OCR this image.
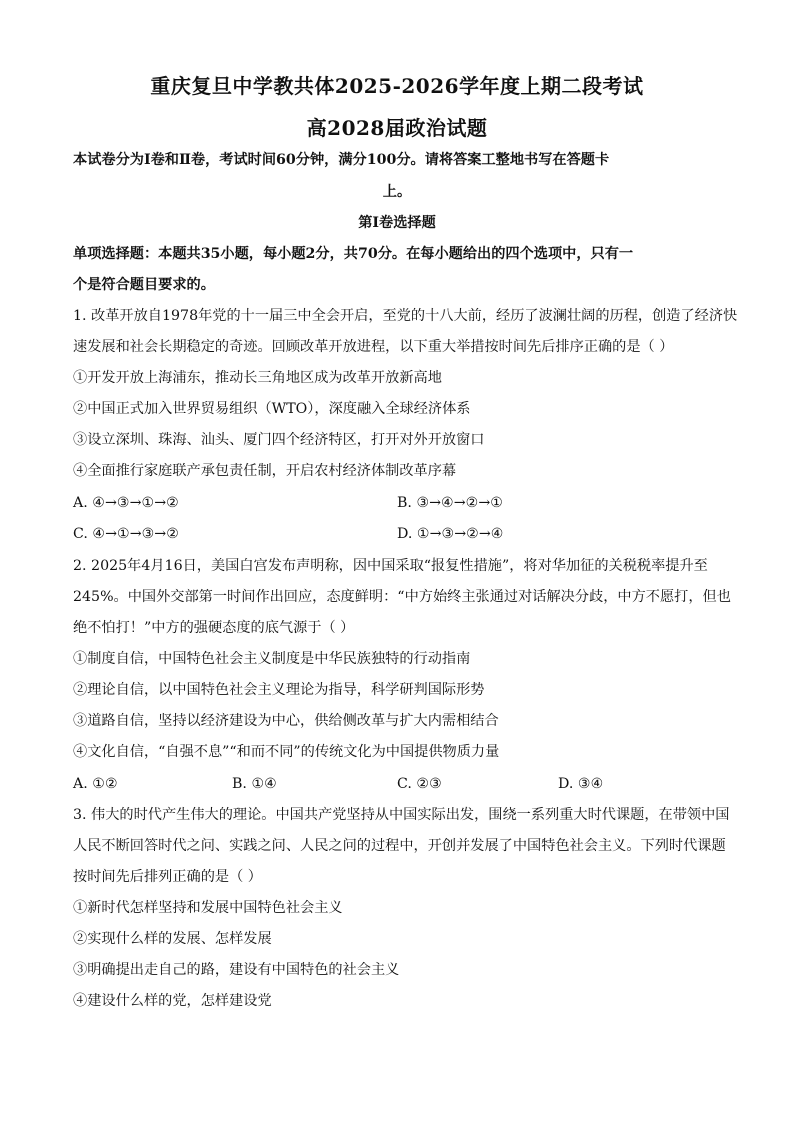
重庆复旦中学教共体2025-2026学年度上期二段考试
高2028届政治试题
本试卷分为Ⅰ卷和Ⅱ卷，考试时间60分钟，满分100分。请将答案工整地书写在答题卡
上。
第Ⅰ卷选择题
单项选择题：本题共35小题，每小题2分，共70分。在每小题给出的四个选项中，只有一
个是符合题目要求的。
1. 改革开放自1978年党的十一届三中全会开启，至党的十八大前，经历了波澜壮阔的历程，创造了经济快
速发展和社会长期稳定的奇迹。回顾改革开放进程，以下重大举措按时间先后排序正确的是（ ）
①开发开放上海浦东，推动长三角地区成为改革开放新高地
②中国正式加入世界贸易组织（WTO），深度融入全球经济体系
③设立深圳、珠海、汕头、厦门四个经济特区，打开对外开放窗口
④全面推行家庭联产承包责任制，开启农村经济体制改革序幕
A. ④→③→①→②	B. ③→④→②→①
C. ④→①→③→②	D. ①→③→②→④
2. 2025年4月16日，美国白宫发布声明称，因中国采取“报复性措施”，将对华加征的关税税率提升至
245%。中国外交部第一时间作出回应，态度鲜明：“中方始终主张通过对话解决分歧，中方不愿打，但也
绝不怕打！”中方的强硬态度的底气源于（ ）
①制度自信，中国特色社会主义制度是中华民族独特的行动指南
②理论自信，以中国特色社会主义理论为指导，科学研判国际形势
③道路自信，坚持以经济建设为中心，供给侧改革与扩大内需相结合
④文化自信，“自强不息”“和而不同”的传统文化为中国提供物质力量
A. ①②	B. ①④	C. ②③	D. ③④
3. 伟大的时代产生伟大的理论。中国共产党坚持从中国实际出发，围绕一系列重大时代课题，在带领中国
人民不断回答时代之问、实践之问、人民之问的过程中，开创并发展了中国特色社会主义。下列时代课题
按时间先后排列正确的是（ ）
①新时代怎样坚持和发展中国特色社会主义
②实现什么样的发展、怎样发展
③明确提出走自己的路，建设有中国特色的社会主义
④建设什么样的党，怎样建设党
